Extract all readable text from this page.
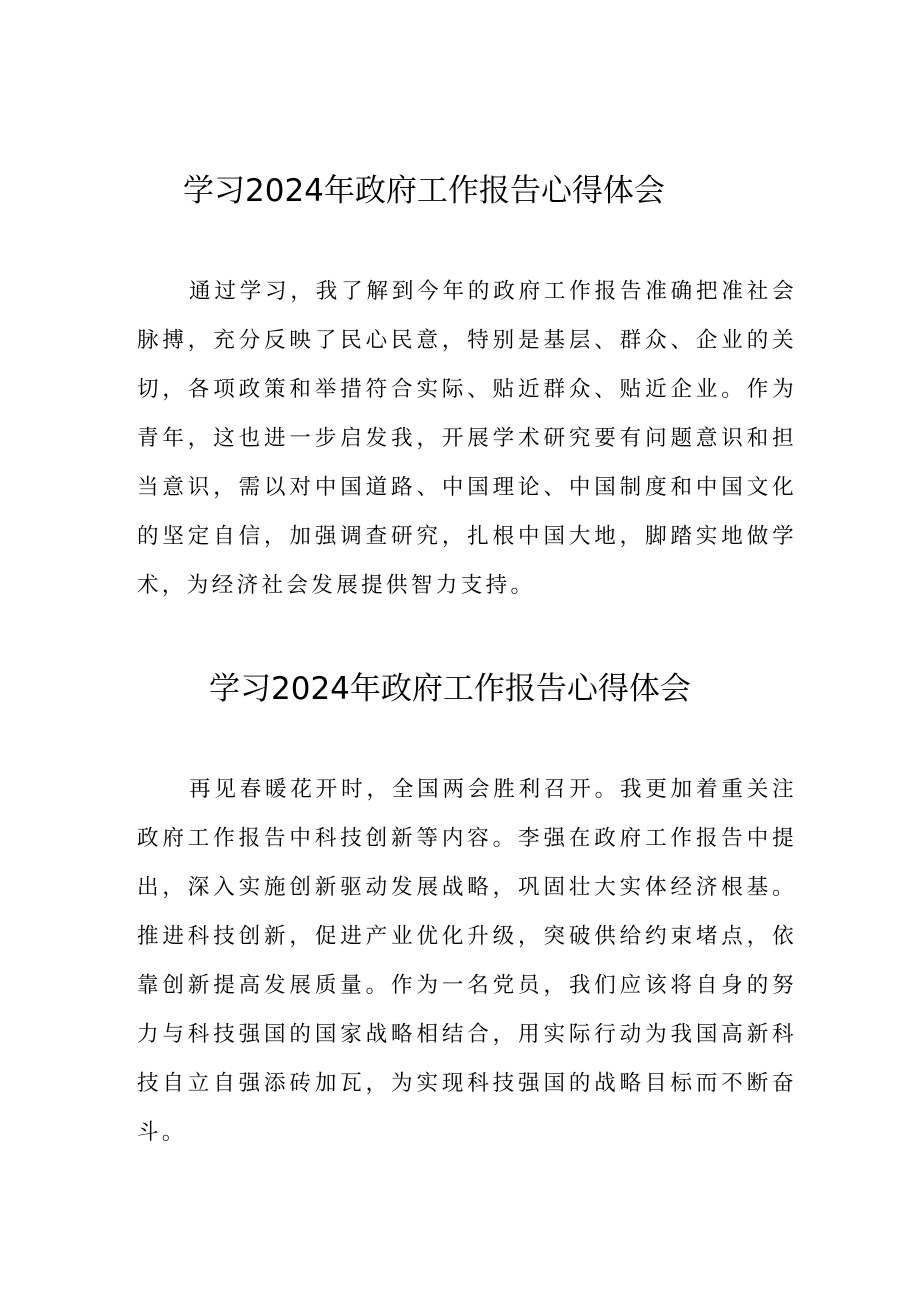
学习2024年政府工作报告心得体会

通过学习，我了解到今年的政府工作报告准确把准社会脉搏，充分反映了民心民意，特别是基层、群众、企业的关切，各项政策和举措符合实际、贴近群众、贴近企业。作为青年，这也进一步启发我，开展学术研究要有问题意识和担当意识，需以对中国道路、中国理论、中国制度和中国文化的坚定自信，加强调查研究，扎根中国大地，脚踏实地做学术，为经济社会发展提供智力支持。

学习2024年政府工作报告心得体会

再见春暖花开时，全国两会胜利召开。我更加着重关注政府工作报告中科技创新等内容。李强在政府工作报告中提出，深入实施创新驱动发展战略，巩固壮大实体经济根基。推进科技创新，促进产业优化升级，突破供给约束堵点，依靠创新提高发展质量。作为一名党员，我们应该将自身的努力与科技强国的国家战略相结合，用实际行动为我国高新科技自立自强添砖加瓦，为实现科技强国的战略目标而不断奋斗。
